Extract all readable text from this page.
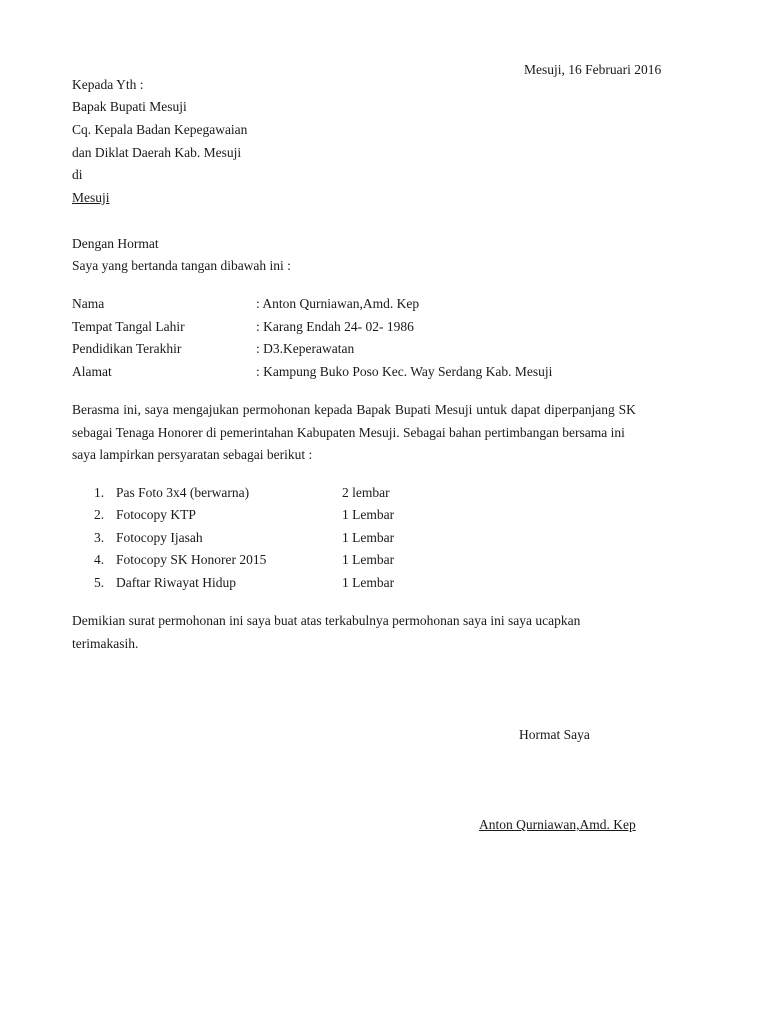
Mesuji, 16 Februari 2016
Kepada Yth :
Bapak Bupati Mesuji
Cq. Kepala Badan Kepegawaian
dan Diklat Daerah Kab. Mesuji
di
Mesuji
Dengan Hormat
Saya yang bertanda tangan dibawah ini :
Nama	: Anton Qurniawan,Amd. Kep
Tempat Tangal Lahir	: Karang Endah 24- 02- 1986
Pendidikan Terakhir	: D3.Keperawatan
Alamat	: Kampung Buko Poso Kec. Way Serdang Kab. Mesuji
Berasma ini, saya mengajukan permohonan kepada Bapak Bupati Mesuji untuk dapat diperpanjang SK
sebagai Tenaga Honorer di pemerintahan Kabupaten Mesuji. Sebagai bahan pertimbangan bersama ini
saya lampirkan persyaratan sebagai berikut :
1. Pas Foto 3x4 (berwarna)	2 lembar
2. Fotocopy KTP	1 Lembar
3. Fotocopy Ijasah	1 Lembar
4. Fotocopy SK Honorer 2015	1 Lembar
5. Daftar Riwayat Hidup	1 Lembar
Demikian surat permohonan ini saya buat atas terkabulnya permohonan saya ini saya ucapkan
terimakasih.
Hormat Saya
Anton Qurniawan,Amd. Kep
